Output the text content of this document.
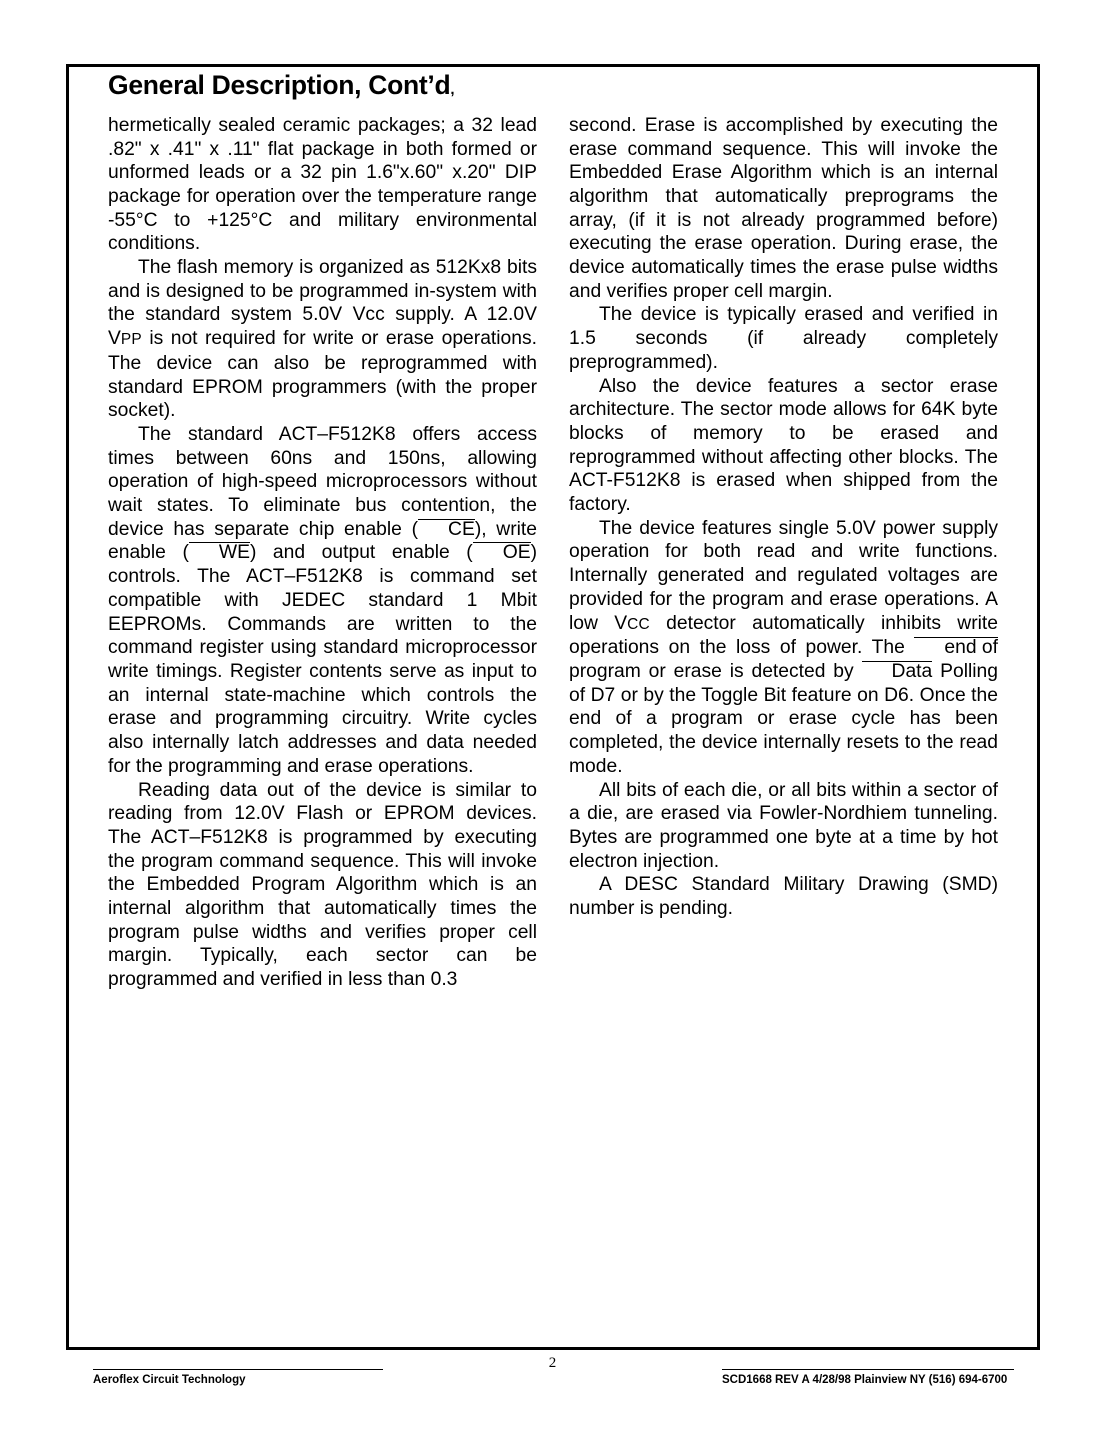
General Description, Cont’d,

hermetically sealed ceramic packages; a 32 lead .82" x .41" x .11" flat package in both formed or unformed leads or a 32 pin 1.6"x.60" x.20" DIP package for operation over the temperature range -55°C to +125°C and military environmental conditions.

The flash memory is organized as 512Kx8 bits and is designed to be programmed in-system with the standard system 5.0V Vcc supply. A 12.0V VPP is not required for write or erase operations. The device can also be reprogrammed with standard EPROM programmers (with the proper socket).

The standard ACT–F512K8 offers access times between 60ns and 150ns, allowing operation of high-speed microprocessors without wait states. To eliminate bus contention, the device has separate chip enable ( CE), write enable ( WE) and output enable ( OE) controls. The ACT–F512K8 is command set compatible with JEDEC standard 1 Mbit EEPROMs. Commands are written to the command register using standard microprocessor write timings. Register contents serve as input to an internal state-machine which controls the erase and programming circuitry. Write cycles also internally latch addresses and data needed for the programming and erase operations.

Reading data out of the device is similar to reading from 12.0V Flash or EPROM devices. The ACT–F512K8 is programmed by executing the program command sequence. This will invoke the Embedded Program Algorithm which is an internal algorithm that automatically times the program pulse widths and verifies proper cell margin. Typically, each sector can be programmed and verified in less than 0.3

second. Erase is accomplished by executing the erase command sequence. This will invoke the Embedded Erase Algorithm which is an internal algorithm that automatically preprograms the array, (if it is not already programmed before) executing the erase operation. During erase, the device automatically times the erase pulse widths and verifies proper cell margin.

The device is typically erased and verified in 1.5 seconds (if already completely preprogrammed).

Also the device features a sector erase architecture. The sector mode allows for 64K byte blocks of memory to be erased and reprogrammed without affecting other blocks. The ACT-F512K8 is erased when shipped from the factory.

The device features single 5.0V power supply operation for both read and write functions. Internally generated and regulated voltages are provided for the program and erase operations. A low VCC detector automatically inhibits write operations on the loss of power. The end of program or erase is detected by Data Polling of D7 or by the Toggle Bit feature on D6. Once the end of a program or erase cycle has been completed, the device internally resets to the read mode.

All bits of each die, or all bits within a sector of a die, are erased via Fowler-Nordhiem tunneling. Bytes are programmed one byte at a time by hot electron injection.

A DESC Standard Military Drawing (SMD) number is pending.

Aeroflex Circuit Technology
2
SCD1668 REV A 4/28/98 Plainview NY (516) 694-6700
